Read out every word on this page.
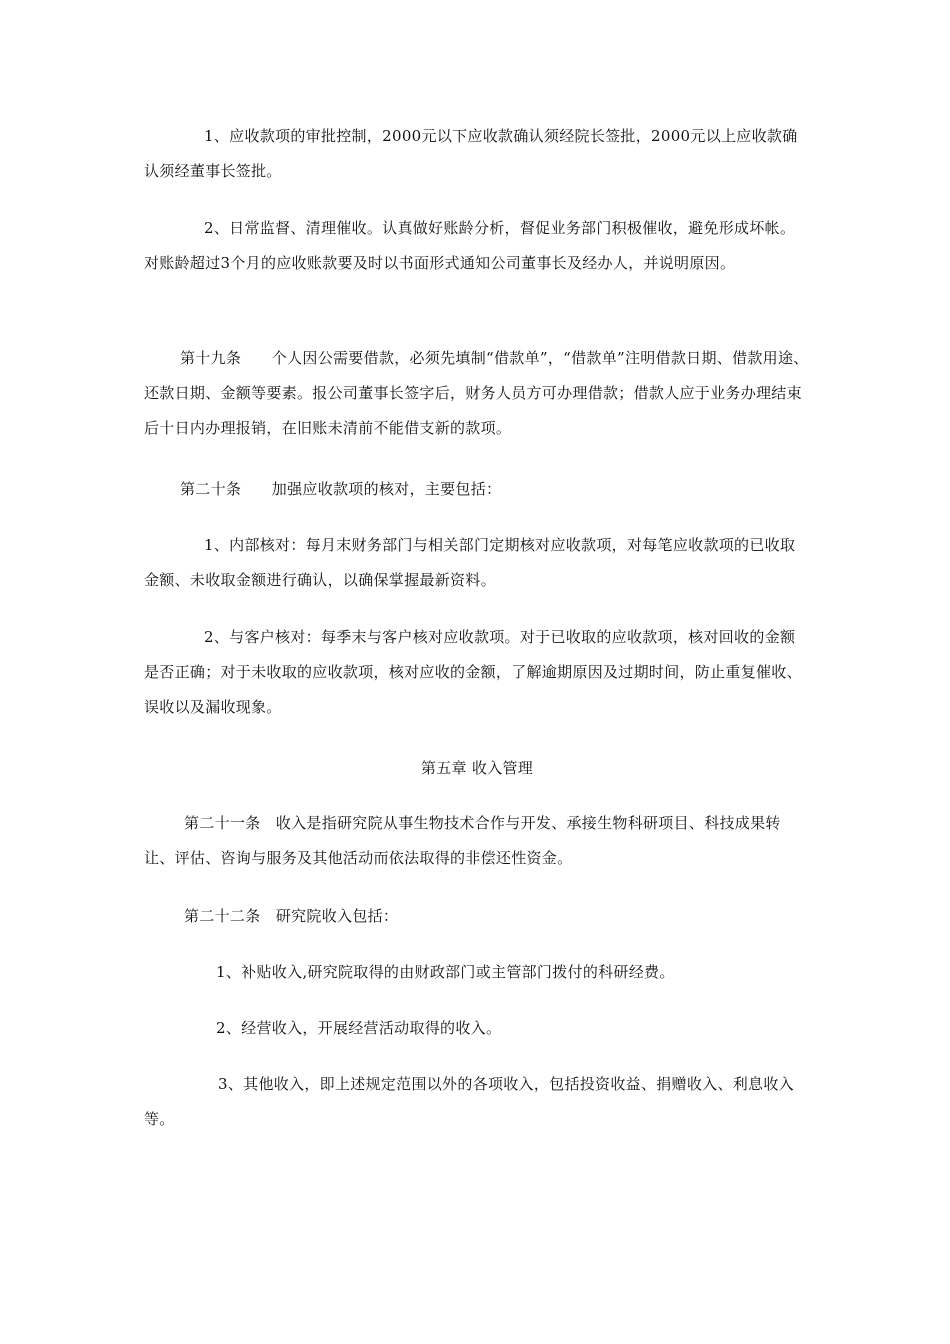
1、应收款项的审批控制，2000元以下应收款确认须经院长签批，2000元以上应收款确认须经董事长签批。

2、日常监督、清理催收。认真做好账龄分析，督促业务部门积极催收，避免形成坏帐。对账龄超过3个月的应收账款要及时以书面形式通知公司董事长及经办人，并说明原因。

第十九条　　个人因公需要借款，必须先填制“借款单”，“借款单”注明借款日期、借款用途、还款日期、金额等要素。报公司董事长签字后，财务人员方可办理借款；借款人应于业务办理结束后十日内办理报销，在旧账未清前不能借支新的款项。

第二十条　　加强应收款项的核对，主要包括：

1、内部核对：每月末财务部门与相关部门定期核对应收款项，对每笔应收款项的已收取金额、未收取金额进行确认，以确保掌握最新资料。

2、与客户核对：每季末与客户核对应收款项。对于已收取的应收款项，核对回收的金额是否正确；对于未收取的应收款项，核对应收的金额，了解逾期原因及过期时间，防止重复催收、误收以及漏收现象。

第五章 收入管理

第二十一条　收入是指研究院从事生物技术合作与开发、承接生物科研项目、科技成果转让、评估、咨询与服务及其他活动而依法取得的非偿还性资金。

第二十二条　研究院收入包括：

1、补贴收入,研究院取得的由财政部门或主管部门拨付的科研经费。

2、经营收入，开展经营活动取得的收入。

3、其他收入，即上述规定范围以外的各项收入，包括投资收益、捐赠收入、利息收入等。
